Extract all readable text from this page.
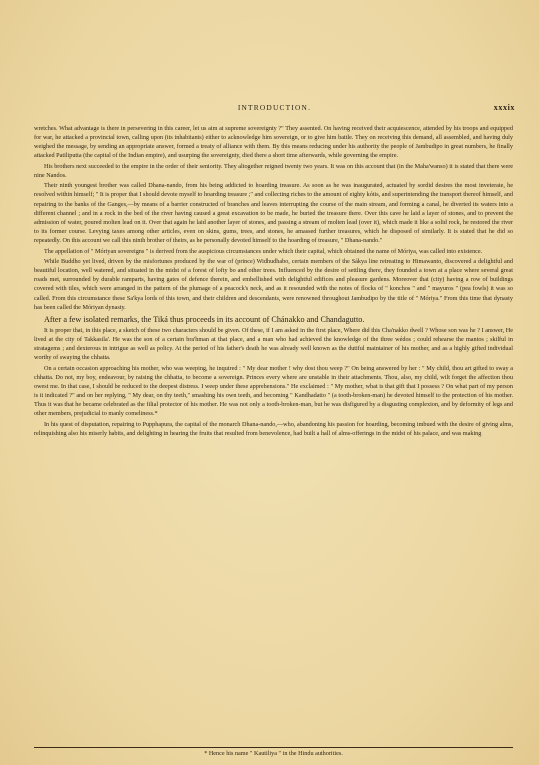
INTRODUCTION.	xxxix

wretches. What advantage is there in persevering in this career, let us aim at supreme sovereignty ?" They assented. On having received their acquiescence, attended by his troops and equipped for war, he attacked a provincial town, calling upon (its inhabitants) either to acknowledge him sovereign, or to give him battle. They on receiving this demand, all assembled, and having duly weighed the message, by sending an appropriate answer, formed a treaty of alliance with them. By this means reducing under his authority the people of Jambudipo in great numbers, he finally attacked Patiliputta (the capital of the Indian empire), and usurping the sovereignty, died there a short time afterwards, while governing the empire.

His brothers next succeeded to the empire in the order of their seniority. They altogether reigned twenty two years. It was on this account that (in the Maha'wanso) it is stated that there were nine Nandos.

Their ninth youngest brother was called Dhana-nando, from his being addicted to hoarding treasure. As soon as he was inaugurated, actuated by sordid desires the most inveterate, he resolved within himself; " It is proper that I should devote myself to hoarding treasure ;" and collecting riches to the amount of eighty kótis, and superintending the transport thereof himself, and repairing to the banks of the Ganges,—by means of a barrier constructed of branches and leaves interrupting the course of the main stream, and forming a canal, he diverted its waters into a different channel ; and in a rock in the bed of the river having caused a great excavation to be made, he buried the treasure there. Over this cave he laid a layer of stones, and to prevent the admission of water, poured molten lead on it. Over that again he laid another layer of stones, and passing a stream of molten lead (over it), which made it like a solid rock, he restored the river to its former course. Levying taxes among other articles, even on skins, gums, trees, and stones, he amassed further treasures, which he disposed of similarly. It is stated that he did so repeatedly. On this account we call this ninth brother of theirs, as he personally devoted himself to the hoarding of treasure, " Dhana-nando."

The appellation of " Móriyan sovereigns " is derived from the auspicious circumstances under which their capital, which obtained the name of Móriya, was called into existence.

While Buddho yet lived, driven by the misfortunes produced by the war of (prince) Widhudhabo, certain members of the Sákya line retreating to Himawanto, discovered a delightful and beautiful location, well watered, and situated in the midst of a forest of lofty bo and other trees. Influenced by the desire of settling there, they founded a town at a place where several great roads met, surrounded by durable ramparts, having gates of defence therein, and embellished with delightful edifices and pleasure gardens. Moreover that (city) having a row of buildings covered with tiles, which were arranged in the pattern of the plumage of a peacock's neck, and as it resounded with the notes of flocks of " konchos " and " mayuros " (pea fowls) it was so called. From this circumstance these Sa'kya lords of this town, and their children and descendants, were renowned throughout Jambudipo by the title of " Móriya." From this time that dynasty has been called the Móriyan dynasty.

After a few isolated remarks, the Tiká thus proceeds in its account of Chánakko and Chandagutto.

It is proper that, in this place, a sketch of these two characters should be given. Of these, if I am asked in the first place, Where did this Cha'nakko dwell ? Whose son was he ? I answer, He lived at the city of Takkasila'. He was the son of a certain bra'hman at that place, and a man who had achieved the knowledge of the three wédos ; could rehearse the mantos ; skilful in stratagems ; and dexterous in intrigue as well as policy. At the period of his father's death he was already well known as the dutiful maintainer of his mother, and as a highly gifted individual worthy of swaying the chhatta.

On a certain occasion approaching his mother, who was weeping, he inquired : " My dear mother ! why dost thou weep ?" On being answered by her : " My child, thou art gifted to sway a chhatta. Do not, my boy, endeavour, by raising the chhatta, to become a sovereign. Princes every where are unstable in their attachments. Thou, also, my child, wilt forget the affection thou owest me. In that case, I should be reduced to the deepest distress. I weep under these apprehensions." He exclaimed : " My mother, what is that gift that I possess ? On what part of my person is it indicated ?" and on her replying, " My dear, on thy teeth," smashing his own teeth, and becoming " Kandhadatto " (a tooth-broken-man) he devoted himself to the protection of his mother. Thus it was that he became celebrated as the filial protector of his mother. He was not only a tooth-broken-man, but he was disfigured by a disgusting complexion, and by deformity of legs and other members, prejudicial to manly comeliness.*

In his quest of disputation, repairing to Pupphapura, the capital of the monarch Dhana-nando,—who, abandoning his passion for hoarding, becoming imbued with the desire of giving alms, relinquishing also his miserly habits, and delighting in hearing the fruits that resulted from benevolence, had built a hall of alms-offerings in the midst of his palace, and was making

* Hence his name " Kautiliya " in the Hindu authorities.
